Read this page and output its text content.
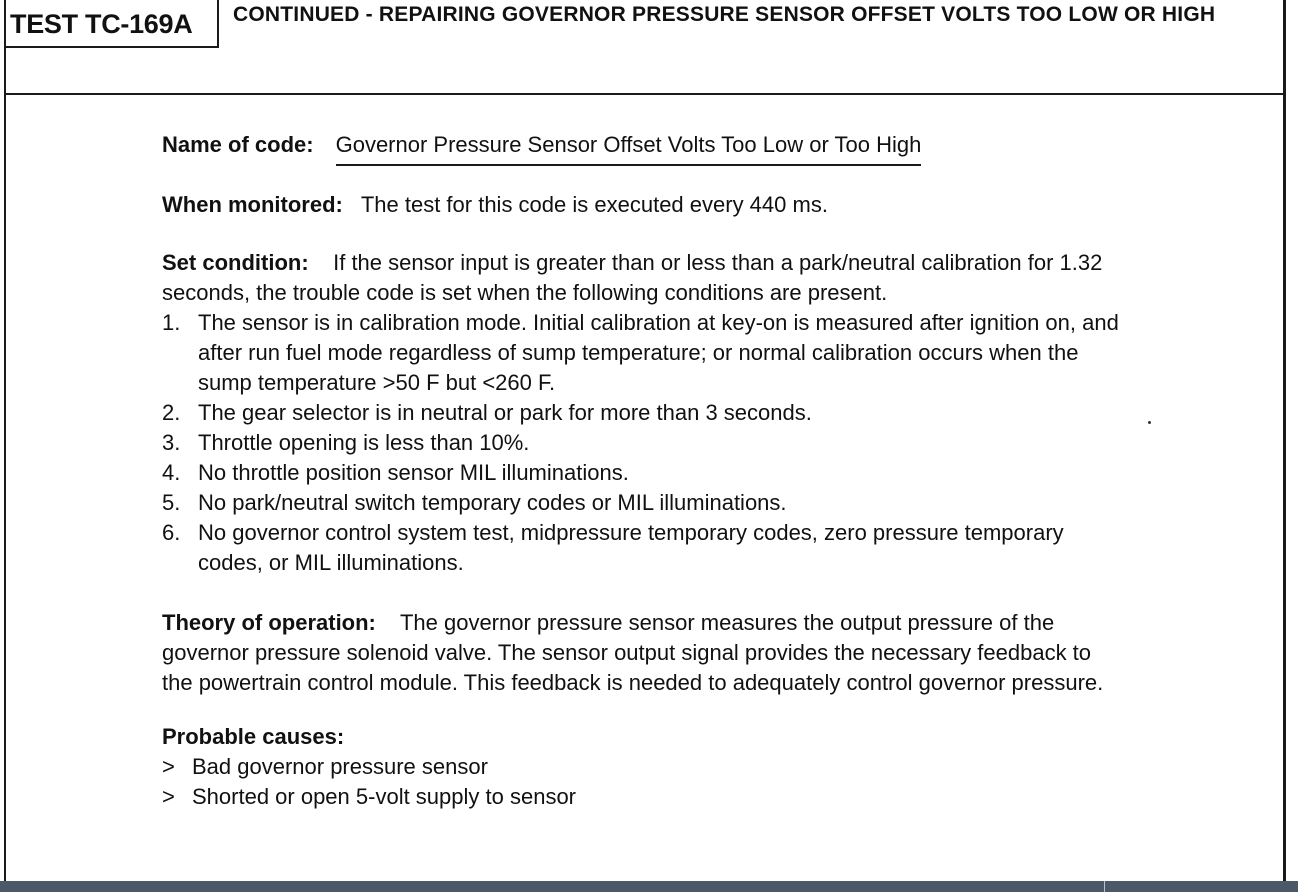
TEST TC-169A	CONTINUED - REPAIRING GOVERNOR PRESSURE SENSOR OFFSET VOLTS TOO LOW OR HIGH
Name of code: Governor Pressure Sensor Offset Volts Too Low or Too High

When monitored: The test for this code is executed every 440 ms.

Set condition: If the sensor input is greater than or less than a park/neutral calibration for 1.32 seconds, the trouble code is set when the following conditions are present.

1. The sensor is in calibration mode. Initial calibration at key-on is measured after ignition on, and after run fuel mode regardless of sump temperature; or normal calibration occurs when the sump temperature >50 F but <260 F.
2. The gear selector is in neutral or park for more than 3 seconds.
3. Throttle opening is less than 10%.
4. No throttle position sensor MIL illuminations.
5. No park/neutral switch temporary codes or MIL illuminations.
6. No governor control system test, midpressure temporary codes, zero pressure temporary codes, or MIL illuminations.

Theory of operation: The governor pressure sensor measures the output pressure of the governor pressure solenoid valve. The sensor output signal provides the necessary feedback to the powertrain control module. This feedback is needed to adequately control governor pressure.

Probable causes:

> Bad governor pressure sensor
> Shorted or open 5-volt supply to sensor
